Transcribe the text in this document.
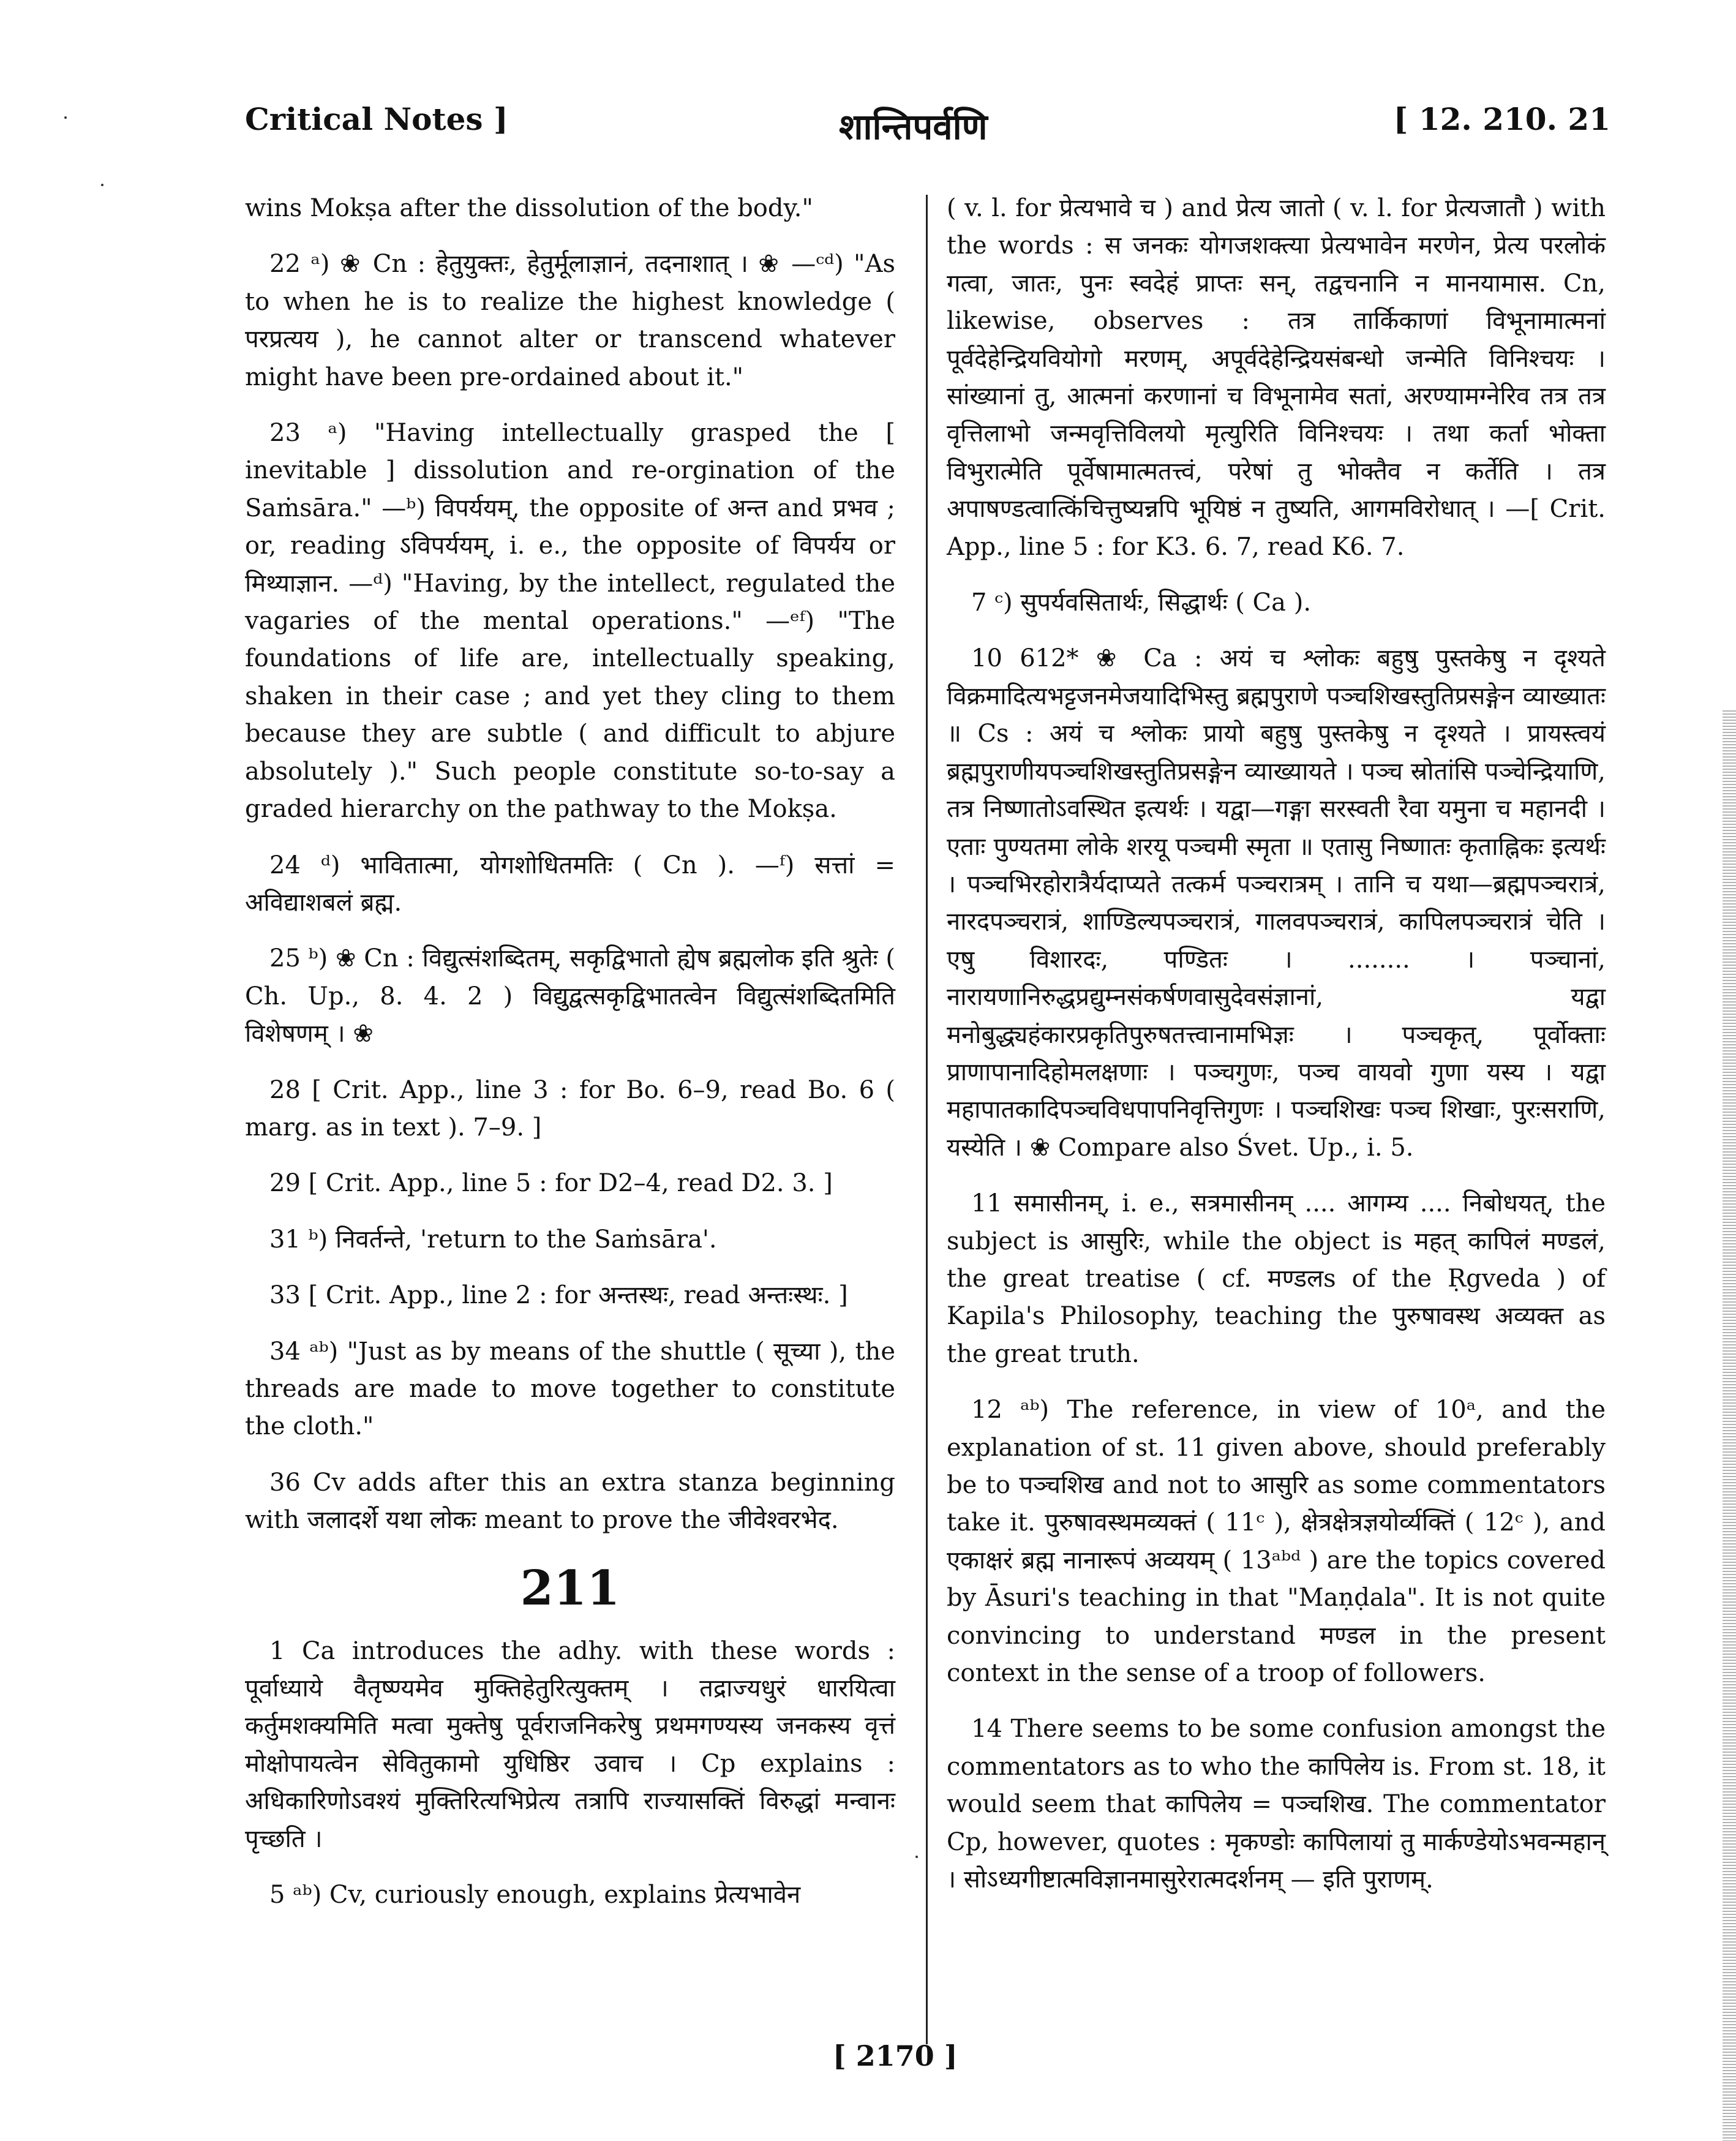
Critical Notes ]	शान्तिपर्वणि	[ 12. 210. 21
wins Mokṣa after the dissolution of the body."
22 ᵃ) ❀ Cn : हेतुयुक्तः, हेतुर्मूलाज्ञानं, तदनाशात् । ❀ —ᶜᵈ) "As to when he is to realize the highest knowledge ( परप्रत्यय ), he cannot alter or transcend whatever might have been pre-ordained about it."
23 ᵃ) "Having intellectually grasped the [ inevitable ] dissolution and re-orgination of the Saṁsāra." —ᵇ) विपर्ययम्, the opposite of अन्त and प्रभव ; or, reading ऽविपर्ययम्, i. e., the opposite of विपर्यय or मिथ्याज्ञान. —ᵈ) "Having, by the intellect, regulated the vagaries of the mental operations." —ᵉᶠ) "The foundations of life are, intellectually speaking, shaken in their case ; and yet they cling to them because they are subtle ( and difficult to abjure absolutely )." Such people constitute so-to-say a graded hierarchy on the pathway to the Mokṣa.
24 ᵈ) भावितात्मा, योगशोधितमतिः ( Cn ). —ᶠ) सत्तां = अविद्याशबलं ब्रह्म.
25 ᵇ) ❀ Cn : विद्युत्संशब्दितम्, सकृद्विभातो ह्येष ब्रह्मलोक इति श्रुतेः ( Ch. Up., 8. 4. 2 ) विद्युद्वत्सकृद्विभातत्वेन विद्युत्संशब्दितमिति विशेषणम् । ❀
28 [ Crit. App., line 3 : for Bo. 6–9, read Bo. 6 ( marg. as in text ). 7–9. ]
29 [ Crit. App., line 5 : for D2–4, read D2. 3. ]
31 ᵇ) निवर्तन्ते, 'return to the Saṁsāra'.
33 [ Crit. App., line 2 : for अन्तस्थः, read अन्तःस्थः. ]
34 ᵃᵇ) "Just as by means of the shuttle ( सूच्या ), the threads are made to move together to constitute the cloth."
36 Cv adds after this an extra stanza beginning with जलादर्शे यथा लोकः meant to prove the जीवेश्वरभेद.
211
1 Ca introduces the adhy. with these words : पूर्वाध्याये वैतृष्ण्यमेव मुक्तिहेतुरित्युक्तम् । तद्राज्यधुरं धारयित्वा कर्तुमशक्यमिति मत्वा मुक्तेषु पूर्वराजनिकरेषु प्रथमगण्यस्य जनकस्य वृत्तं मोक्षोपायत्वेन सेवितुकामो युधिष्ठिर उवाच । Cp explains : अधिकारिणोऽवश्यं मुक्तिरित्यभिप्रेत्य तत्रापि राज्यासक्तिं विरुद्धां मन्वानः पृच्छति ।
5 ᵃᵇ) Cv, curiously enough, explains प्रेत्यभावेन
( v. l. for प्रेत्यभावे च ) and प्रेत्य जातो ( v. l. for प्रेत्यजातौ ) with the words : स जनकः योगजशक्त्या प्रेत्यभावेन मरणेन, प्रेत्य परलोकं गत्वा, जातः, पुनः स्वदेहं प्राप्तः सन्, तद्वचनानि न मानयामास. Cn, likewise, observes : तत्र तार्किकाणां विभूनामात्मनां पूर्वदेहेन्द्रियवियोगो मरणम्, अपूर्वदेहेन्द्रियसंबन्धो जन्मेति विनिश्चयः । सांख्यानां तु, आत्मनां करणानां च विभूनामेव सतां, अरण्यामग्नेरिव तत्र तत्र वृत्तिलाभो जन्मवृत्तिविलयो मृत्युरिति विनिश्चयः । तथा कर्ता भोक्ता विभुरात्मेति पूर्वेषामात्मतत्त्वं, परेषां तु भोक्तैव न कर्तेति । तत्र अपाषण्डत्वात्किंचित्तुष्यन्नपि भूयिष्ठं न तुष्यति, आगमविरोधात् । —[ Crit. App., line 5 : for K3. 6. 7, read K6. 7.
7 ᶜ) सुपर्यवसितार्थः, सिद्धार्थः ( Ca ).
10 612* ❀ Ca : अयं च श्लोकः बहुषु पुस्तकेषु न दृश्यते विक्रमादित्यभट्टजनमेजयादिभिस्तु ब्रह्मपुराणे पञ्चशिखस्तुतिप्रसङ्गेन व्याख्यातः ॥ Cs : अयं च श्लोकः प्रायो बहुषु पुस्तकेषु न दृश्यते । प्रायस्त्वयं ब्रह्मपुराणीयपञ्चशिखस्तुतिप्रसङ्गेन व्याख्यायते । पञ्च स्रोतांसि पञ्चेन्द्रियाणि, तत्र निष्णातोऽवस्थित इत्यर्थः । यद्वा—गङ्गा सरस्वती रैवा यमुना च महानदी । एताः पुण्यतमा लोके शरयू पञ्चमी स्मृता ॥ एतासु निष्णातः कृताह्निकः इत्यर्थः । पञ्चभिरहोरात्रैर्यदाप्यते तत्कर्म पञ्चरात्रम् । तानि च यथा—ब्रह्मपञ्चरात्रं, नारदपञ्चरात्रं, शाण्डिल्यपञ्चरात्रं, गालवपञ्चरात्रं, कापिलपञ्चरात्रं चेति । एषु विशारदः, पण्डितः । ........ । पञ्चानां, नारायणानिरुद्धप्रद्युम्नसंकर्षणवासुदेवसंज्ञानां, यद्वा मनोबुद्ध्यहंकारप्रकृतिपुरुषतत्त्वानामभिज्ञः । पञ्चकृत्, पूर्वोक्ताः प्राणापानादिहोमलक्षणाः । पञ्चगुणः, पञ्च वायवो गुणा यस्य । यद्वा महापातकादिपञ्चविधपापनिवृत्तिगुणः । पञ्चशिखः पञ्च शिखाः, पुरःसराणि, यस्येति । ❀ Compare also Śvet. Up., i. 5.
11 समासीनम्, i. e., सत्रमासीनम् .... आगम्य .... निबोधयत्, the subject is आसुरिः, while the object is महत् कापिलं मण्डलं, the great treatise ( cf. मण्डलs of the Ṛgveda ) of Kapila's Philosophy, teaching the पुरुषावस्थ अव्यक्त as the great truth.
12 ᵃᵇ) The reference, in view of 10ᵃ, and the explanation of st. 11 given above, should preferably be to पञ्चशिख and not to आसुरि as some commentators take it. पुरुषावस्थमव्यक्तं ( 11ᶜ ), क्षेत्रक्षेत्रज्ञयोर्व्यक्तिं ( 12ᶜ ), and एकाक्षरं ब्रह्म नानारूपं अव्ययम् ( 13ᵃᵇᵈ ) are the topics covered by Āsuri's teaching in that "Maṇḍala". It is not quite convincing to understand मण्डल in the present context in the sense of a troop of followers.
14 There seems to be some confusion amongst the commentators as to who the कापिलेय is. From st. 18, it would seem that कापिलेय = पञ्चशिख. The commentator Cp, however, quotes : मृकण्डोः कापिलायां तु मार्कण्डेयोऽभवन्महान् । सोऽध्यगीष्टात्मविज्ञानमासुरेरात्मदर्शनम् — इति पुराणम्.
[ 2170 ]
